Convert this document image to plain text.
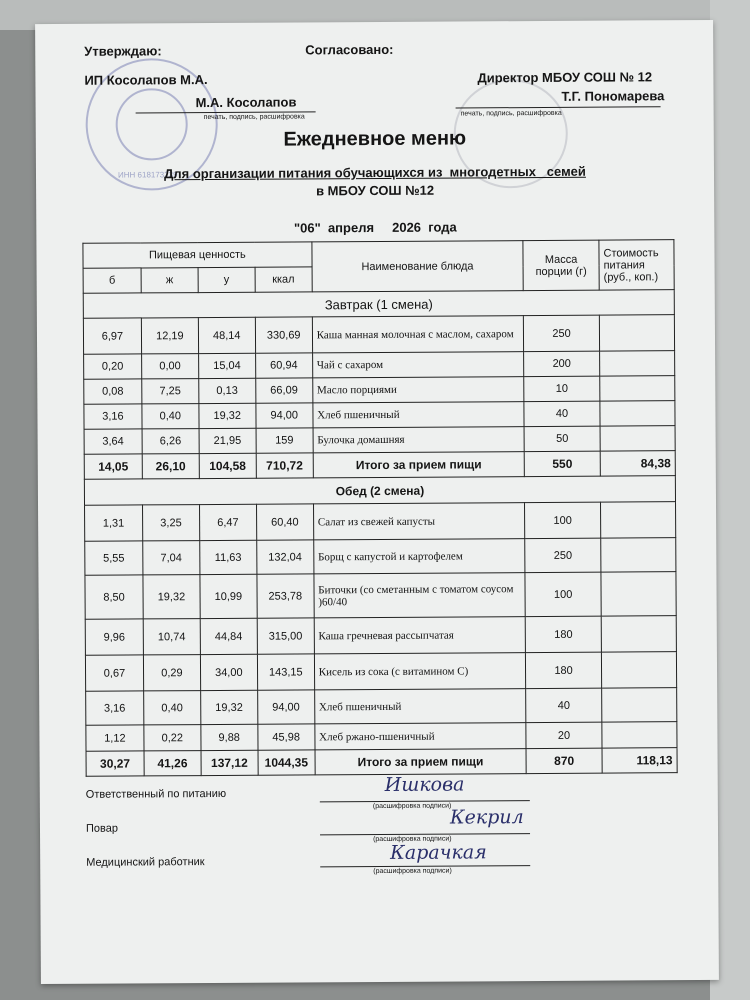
ИНН 618173239
Утверждаю:	Согласовано:
ИП Косолапов М.А.	Директор МБОУ СОШ № 12
М.А. Косолапов	Т.Г. Пономарева
печать, подпись, расшифровка	печать, подпись, расшифровка
Ежедневное меню
Для организации питания обучающихся из  многодетных   семей
в МБОУ СОШ №12
"06"  апреля     2026  года
Пищевая ценность				Наименование блюда	Масса порции (г)	Стоимость питания (руб., коп.)
б	ж	у	ккал			
Завтрак (1 смена)						
6,97	12,19	48,14	330,69	Каша манная молочная с маслом, сахаром	250	
0,20	0,00	15,04	60,94	Чай с сахаром	200	
0,08	7,25	0,13	66,09	Масло порциями	10	
3,16	0,40	19,32	94,00	Хлеб пшеничный	40	
3,64	6,26	21,95	159	Булочка домашняя	50	
14,05	26,10	104,58	710,72	Итого за прием пищи	550	84,38
Обед (2 смена)						
1,31	3,25	6,47	60,40	Салат из свежей капусты	100	
5,55	7,04	11,63	132,04	Борщ с капустой и картофелем	250	
8,50	19,32	10,99	253,78	Биточки (со сметанным с томатом соусом )60/40	100	
9,96	10,74	44,84	315,00	Каша гречневая рассыпчатая	180	
0,67	0,29	34,00	143,15	Кисель из сока (с витамином С)	180	
3,16	0,40	19,32	94,00	Хлеб пшеничный	40	
1,12	0,22	9,88	45,98	Хлеб ржано-пшеничный	20	
30,27	41,26	137,12	1044,35	Итого за прием пищи	870	118,13
Ответственный по питанию
Повар
Медицинский работник
(расшифровка подписи)
(расшифровка подписи)
(расшифровка подписи)
Ишкова
Кекрил
Карачкая
